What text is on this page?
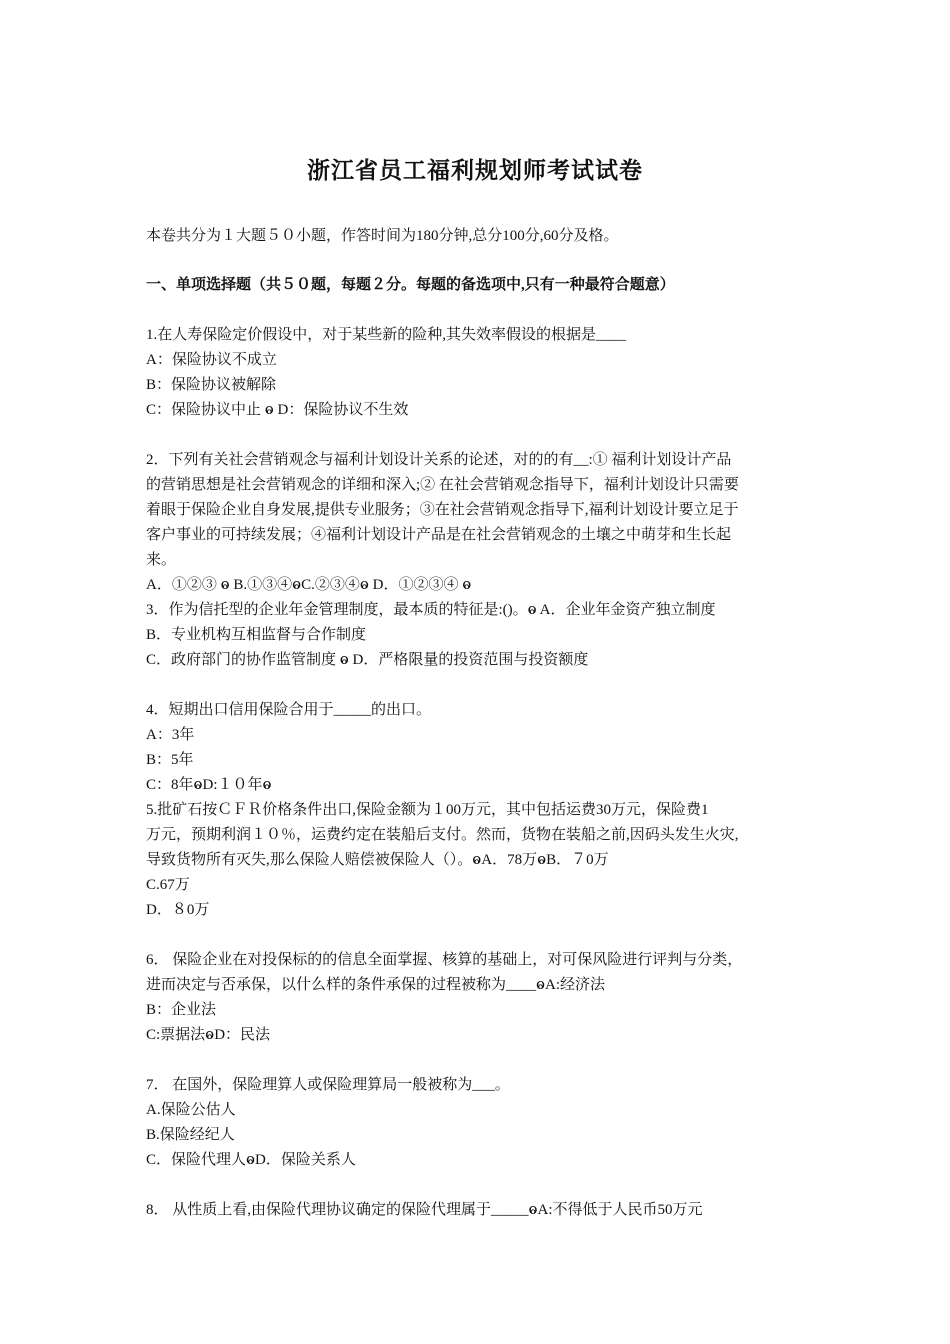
浙江省员工福利规划师考试试卷
本卷共分为１大题５０小题，作答时间为180分钟,总分100分,60分及格。
一、单项选择题（共５０题，每题２分。每题的备选项中,只有一种最符合题意）
1.在人寿保险定价假设中，对于某些新的险种,其失效率假设的根据是____
A：保险协议不成立
B：保险协议被解除
C：保险协议中止 ⱺ D：保险协议不生效
2．下列有关社会营销观念与福利计划设计关系的论述，对的的有__:① 福利计划设计产品
的营销思想是社会营销观念的详细和深入;② 在社会营销观念指导下，福利计划设计只需要
着眼于保险企业自身发展,提供专业服务；③在社会营销观念指导下,福利计划设计要立足于
客户事业的可持续发展；④福利计划设计产品是在社会营销观念的土壤之中萌芽和生长起
来。
A．①②③ ⱺ B.①③④ⱺC.②③④ⱺ D．①②③④ ⱺ
3．作为信托型的企业年金管理制度，最本质的特征是:()。ⱺ A．企业年金资产独立制度
B．专业机构互相监督与合作制度
C．政府部门的协作监管制度 ⱺ D．严格限量的投资范围与投资额度
4．短期出口信用保险合用于_____的出口。
A：3年
B：5年
C：8年ⱺD:１０年ⱺ
5.批矿石按ＣＦＲ价格条件出口,保险金额为１00万元，其中包括运费30万元，保险费1
万元，预期利润１０％，运费约定在装船后支付。然而，货物在装船之前,因码头发生火灾,
导致货物所有灭失,那么保险人赔偿被保险人（）。ⱺA．78万ⱺB．７0万
C.67万
D．８0万
6． 保险企业在对投保标的的信息全面掌握、核算的基础上，对可保风险进行评判与分类，
进而决定与否承保，以什么样的条件承保的过程被称为____ⱺA:经济法
B：企业法
C:票据法ⱺD：民法
7． 在国外，保险理算人或保险理算局一般被称为___。
A.保险公估人
B.保险经纪人
C．保险代理人ⱺD．保险关系人
8． 从性质上看,由保险代理协议确定的保险代理属于_____ⱺA:不得低于人民币50万元
